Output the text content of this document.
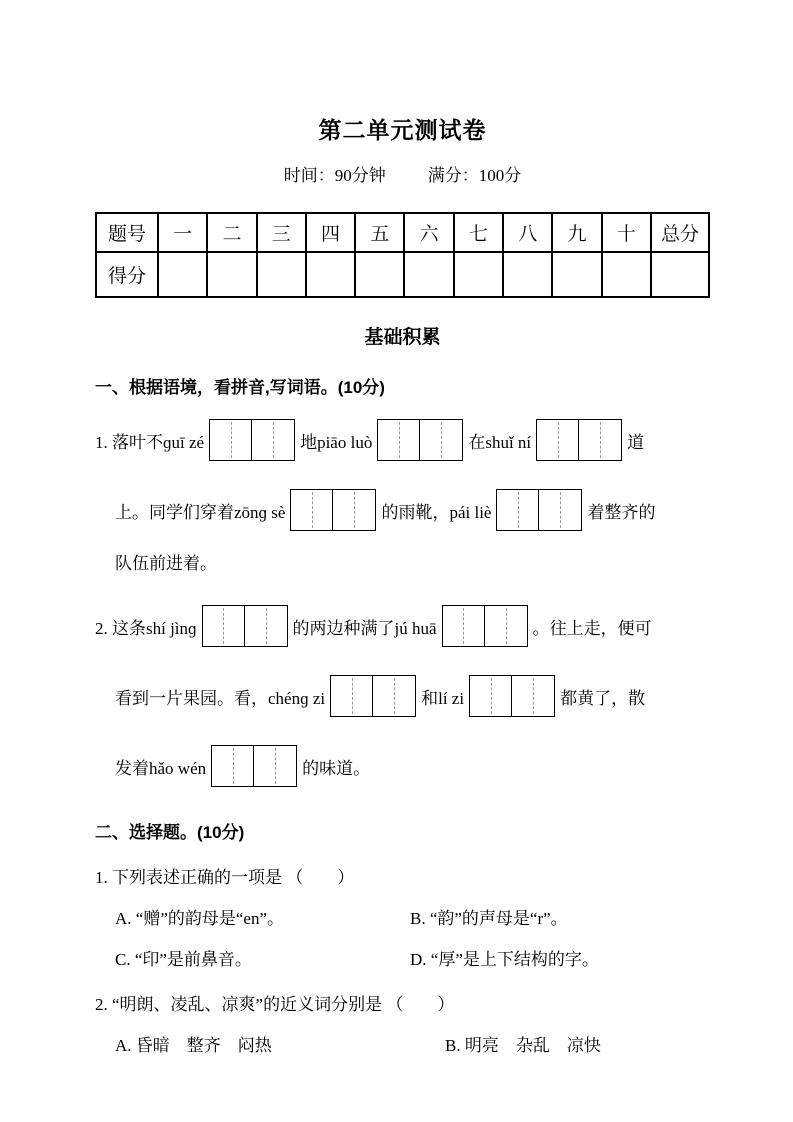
第二单元测试卷
时间：90分钟 满分：100分
题号	一	二	三	四	五	六	七	八	九	十	总分
得分											
基础积累
一、根据语境，看拼音,写词语。(10分)
1. 落叶不ɡuī zé	地piāo luò	在shuǐ ní	道
上。同学们穿着zōnɡ sè	的雨靴，pái liè	着整齐的
队伍前进着。
2. 这条shí jìnɡ	的两边种满了jú huā	。往上走，便可
看到一片果园。看，chénɡ zi	和lí zi	都黄了，散
发着hǎo wén	的味道。
二、选择题。(10分)
1. 下列表述正确的一项是 （　　）
A. “赠”的韵母是“en”。	B. “韵”的声母是“r”。
C. “印”是前鼻音。	D. “厚”是上下结构的字。
2. “明朗、凌乱、凉爽”的近义词分别是 （　　）
A. 昏暗　整齐　闷热	B. 明亮　杂乱　凉快
